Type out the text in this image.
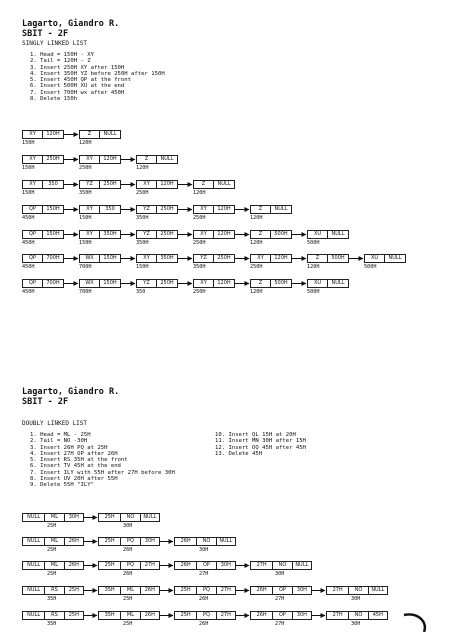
Lagarto, Giandro R.
SBIT - 2F
SINGLY LINKED LIST
1. Head = 150H - XY
2. Tail = 120H - Z
3. Insert 250H XY after 150H
4. Insert 350H YZ before 250H after 150H
5. Insert 450H QP at the front
6. Insert 500H XU at the end
7. Insert 700H wx after 450H
8. Delete 150h
Lagarto, Giandro R.
SBIT - 2F
DOUBLY LINKED LIST
1. Head = ML - 25H
2. Tail = NO -30H
3. Insert 26H PQ at 25H
4. Insert 27H OP after 26H
5. Insert RS 35H at the front
6. Insert TV 45H at the end
7. Insert ILY with 55H after 27H before 30H
8. Insert UV 20H after 55H
9. Delete 55H "ILY"
10. Insert QL 15H at 20H
11. Insert MN 30H after 15H
12. Insert OQ 45H after 45H
13. Delete 45H
XY	120H
150H
Z	NULL
120H
XY	250H
150H
XY	120H
250H
Z	NULL
120H
XY	350
150H
YZ	250H
350H
XY	120H
250H
Z	NULL
120H
QP	150H
450H
XY	350
150H
YZ	250H
350H
XY	120H
250H
Z	NULL
120H
QP	150H
450H
XY	350H
150H
YZ	250H
350H
XY	120H
250H
Z	500H
120H
XU	NULL
500H
QP	700H
450H
WX	150H
700H
XY	350H
150H
YZ	250H
350H
XY	120H
250H
Z	500H
120H
XU	NULL
500H
QP	700H
450H
WX	150H
700H
YZ	250H
350
XY	120H
250H
Z	500H
120H
XU	NULL
500H
NULL	ML	30H
25H
25H	NO	NULL
30H
NULL	ML	26H
25H
25H	PQ	30H
26H
26H	NO	NULL
30H
NULL	ML	26H
25H
25H	PQ	27H
26H
26H	OP	30H
27H
27H	NO	NULL
30H
NULL	RS	25H
35H
35H	ML	26H
25H
25H	PQ	27H
26H
26H	OP	30H
27H
27H	NO	NULL
30H
NULL	RS	25H
35H
35H	ML	26H
25H
25H	PQ	27H
26H
26H	OP	30H
27H
27H	NO	45H
30H
